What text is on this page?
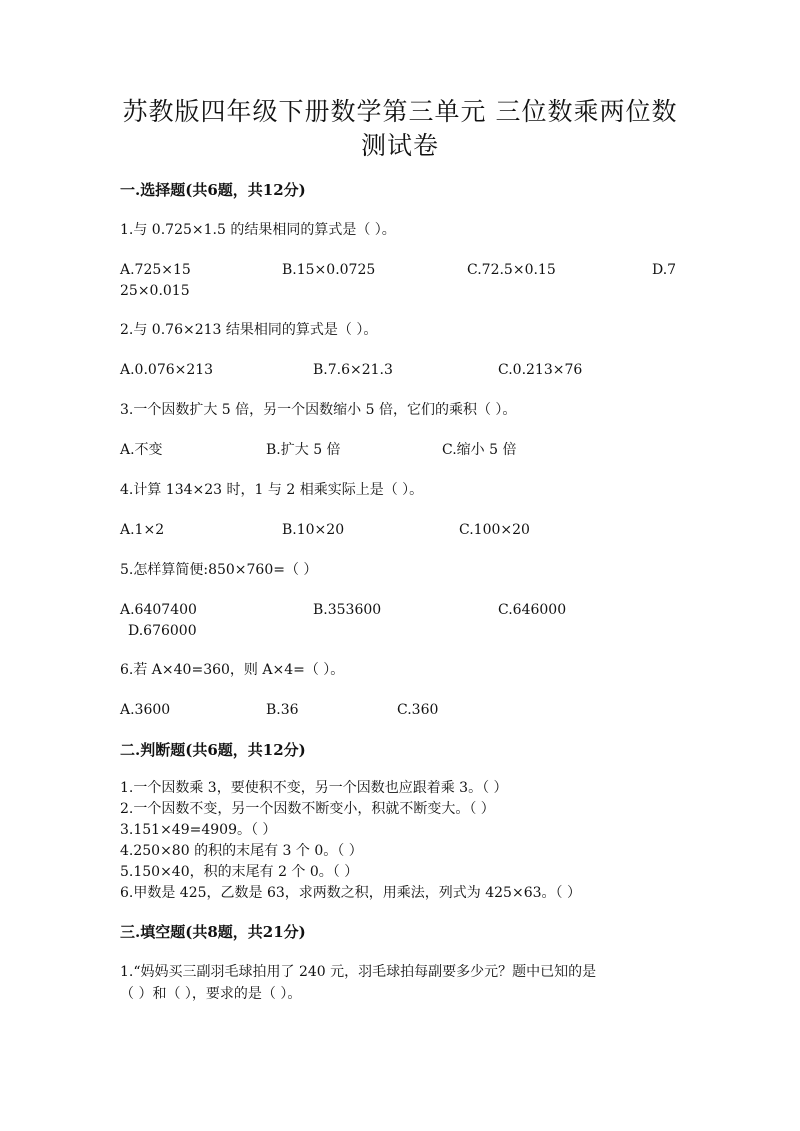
苏教版四年级下册数学第三单元 三位数乘两位数
测试卷
一.选择题(共6题，共12分)
1.与 0.725×1.5 的结果相同的算式是（ ）。
A.725×15	B.15×0.0725	C.72.5×0.15	D.7
25×0.015
2.与 0.76×213 结果相同的算式是（ ）。
A.0.076×213	B.7.6×21.3	C.0.213×76
3.一个因数扩大 5 倍，另一个因数缩小 5 倍，它们的乘积（ ）。
A.不变	B.扩大 5 倍	C.缩小 5 倍
4.计算 134×23 时，1 与 2 相乘实际上是（ ）。
A.1×2	B.10×20	C.100×20
5.怎样算简便:850×760=（ ）
A.6407400	B.353600	C.646000
D.676000
6.若 A×40=360，则 A×4=（ ）。
A.3600	B.36	C.360
二.判断题(共6题，共12分)
1.一个因数乘 3，要使积不变，另一个因数也应跟着乘 3。（ ）
2.一个因数不变，另一个因数不断变小，积就不断变大。（ ）
3.151×49=4909。（ ）
4.250×80 的积的末尾有 3 个 0。（ ）
5.150×40，积的末尾有 2 个 0。（ ）
6.甲数是 425，乙数是 63，求两数之积，用乘法，列式为 425×63。（ ）
三.填空题(共8题，共21分)
1.“妈妈买三副羽毛球拍用了 240 元，羽毛球拍每副要多少元？题中已知的是
（ ）和（ ），要求的是（ ）。
